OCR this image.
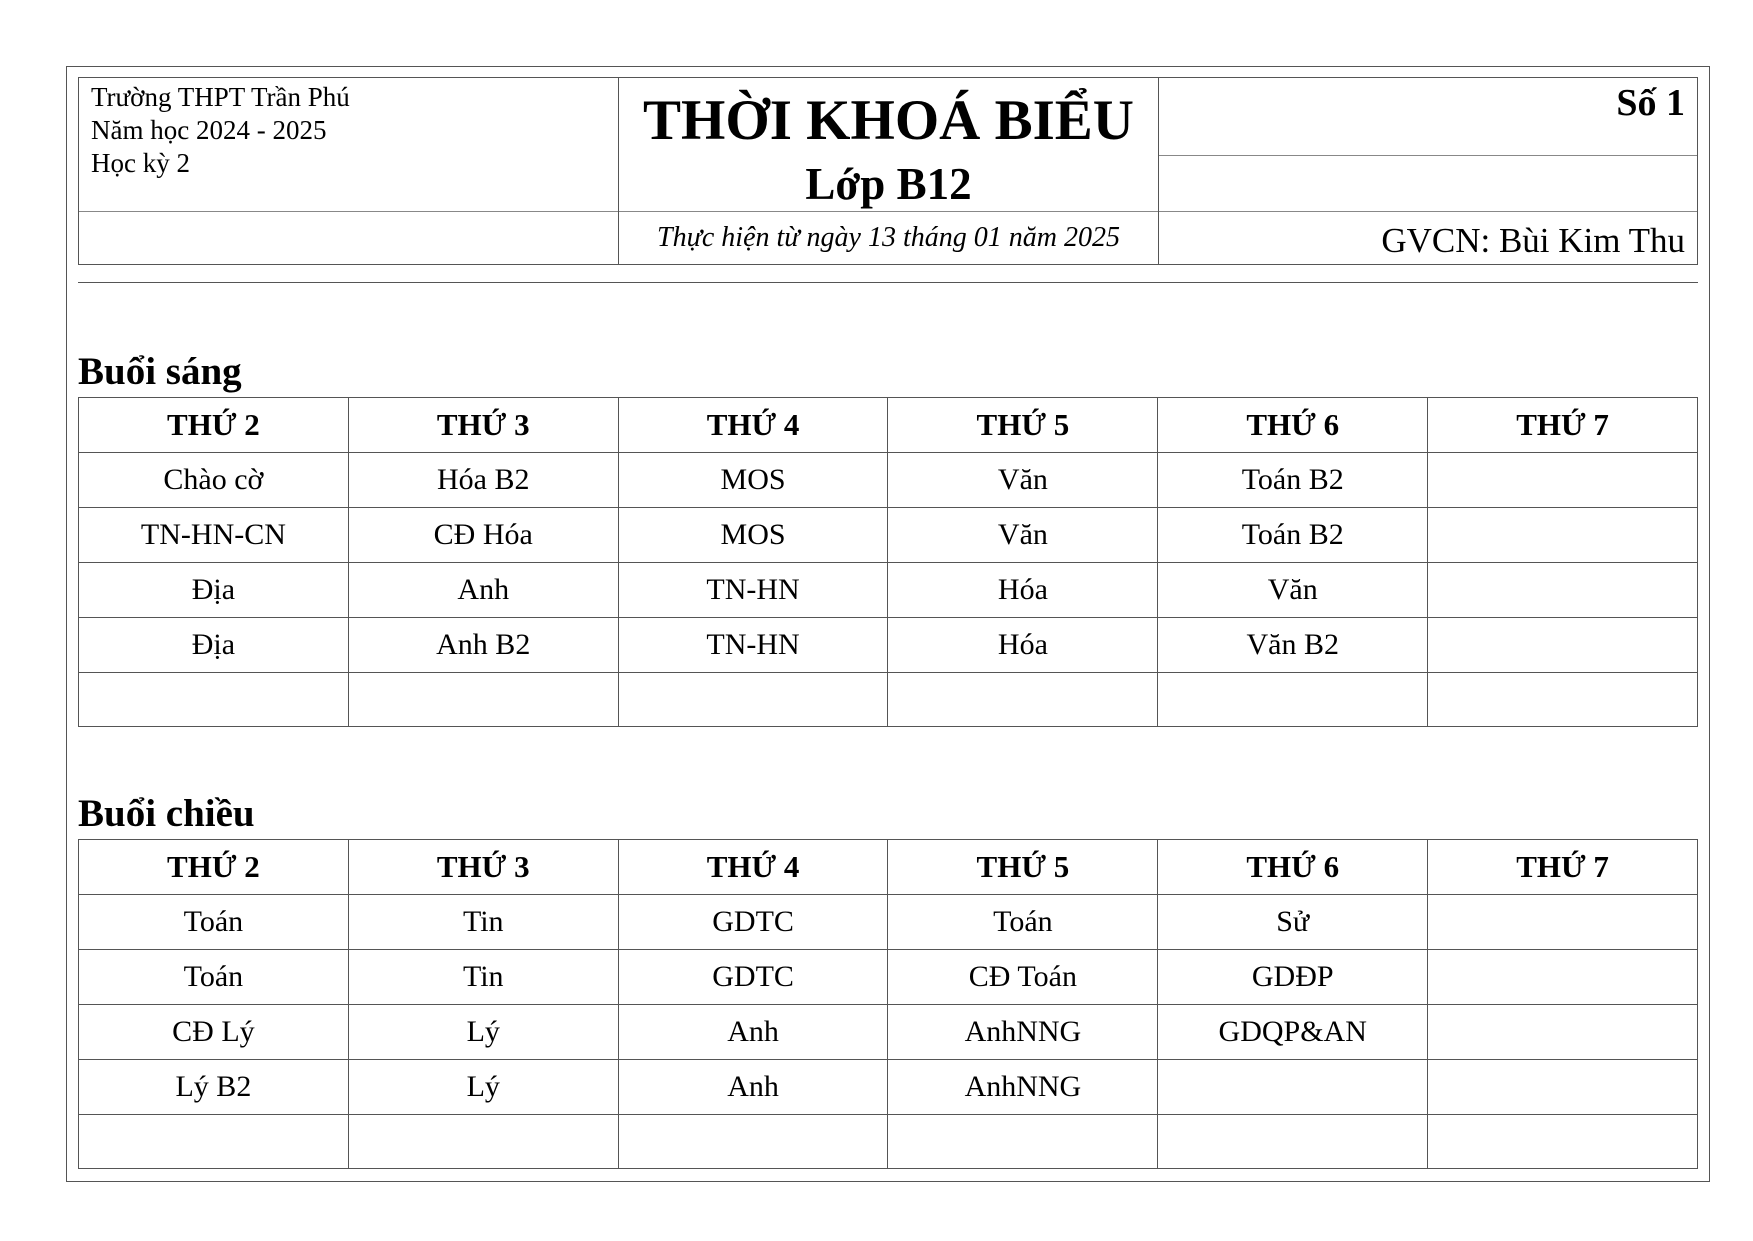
Trường THPT Trần Phú
Năm học 2024 - 2025
Học kỳ 2
THỜI KHOÁ BIỂU
Lớp B12
Thực hiện từ ngày 13 tháng 01 năm 2025
Số 1
GVCN: Bùi Kim Thu
Buổi sáng
THỨ 2	THỨ 3	THỨ 4	THỨ 5	THỨ 6	THỨ 7
Chào cờ	Hóa B2	MOS	Văn	Toán B2	
TN-HN-CN	CĐ Hóa	MOS	Văn	Toán B2	
Địa	Anh	TN-HN	Hóa	Văn	
Địa	Anh B2	TN-HN	Hóa	Văn B2	

Buổi chiều
THỨ 2	THỨ 3	THỨ 4	THỨ 5	THỨ 6	THỨ 7
Toán	Tin	GDTC	Toán	Sử	
Toán	Tin	GDTC	CĐ Toán	GDĐP	
CĐ Lý	Lý	Anh	AnhNNG	GDQP&AN	
Lý B2	Lý	Anh	AnhNNG		
